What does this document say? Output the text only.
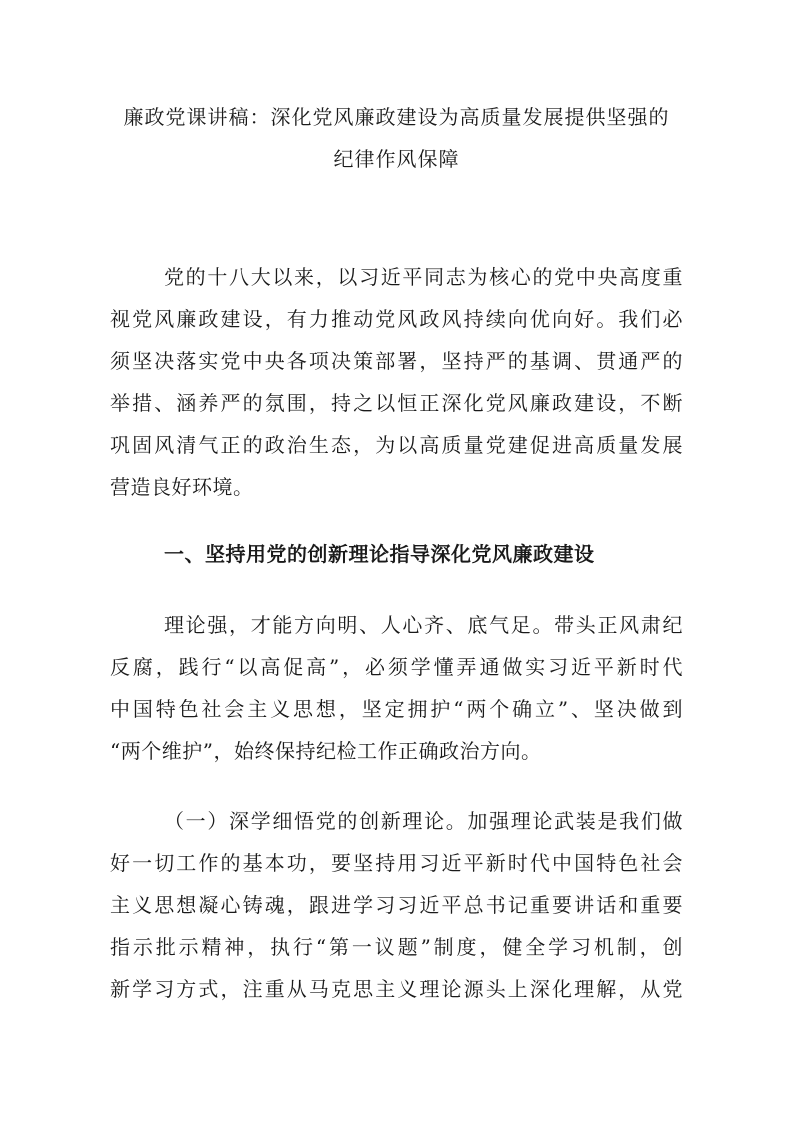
廉政党课讲稿：深化党风廉政建设为高质量发展提供坚强的
纪律作风保障
党的十八大以来，以习近平同志为核心的党中央高度重
视党风廉政建设，有力推动党风政风持续向优向好。我们必
须坚决落实党中央各项决策部署，坚持严的基调、贯通严的
举措、涵养严的氛围，持之以恒正深化党风廉政建设，不断
巩固风清气正的政治生态，为以高质量党建促进高质量发展
营造良好环境。
一、坚持用党的创新理论指导深化党风廉政建设
理论强，才能方向明、人心齐、底气足。带头正风肃纪
反腐，践行“以高促高”，必须学懂弄通做实习近平新时代
中国特色社会主义思想，坚定拥护“两个确立”、坚决做到
“两个维护”，始终保持纪检工作正确政治方向。
（一）深学细悟党的创新理论。加强理论武装是我们做
好一切工作的基本功，要坚持用习近平新时代中国特色社会
主义思想凝心铸魂，跟进学习习近平总书记重要讲话和重要
指示批示精神，执行“第一议题”制度，健全学习机制，创
新学习方式，注重从马克思主义理论源头上深化理解，从党
